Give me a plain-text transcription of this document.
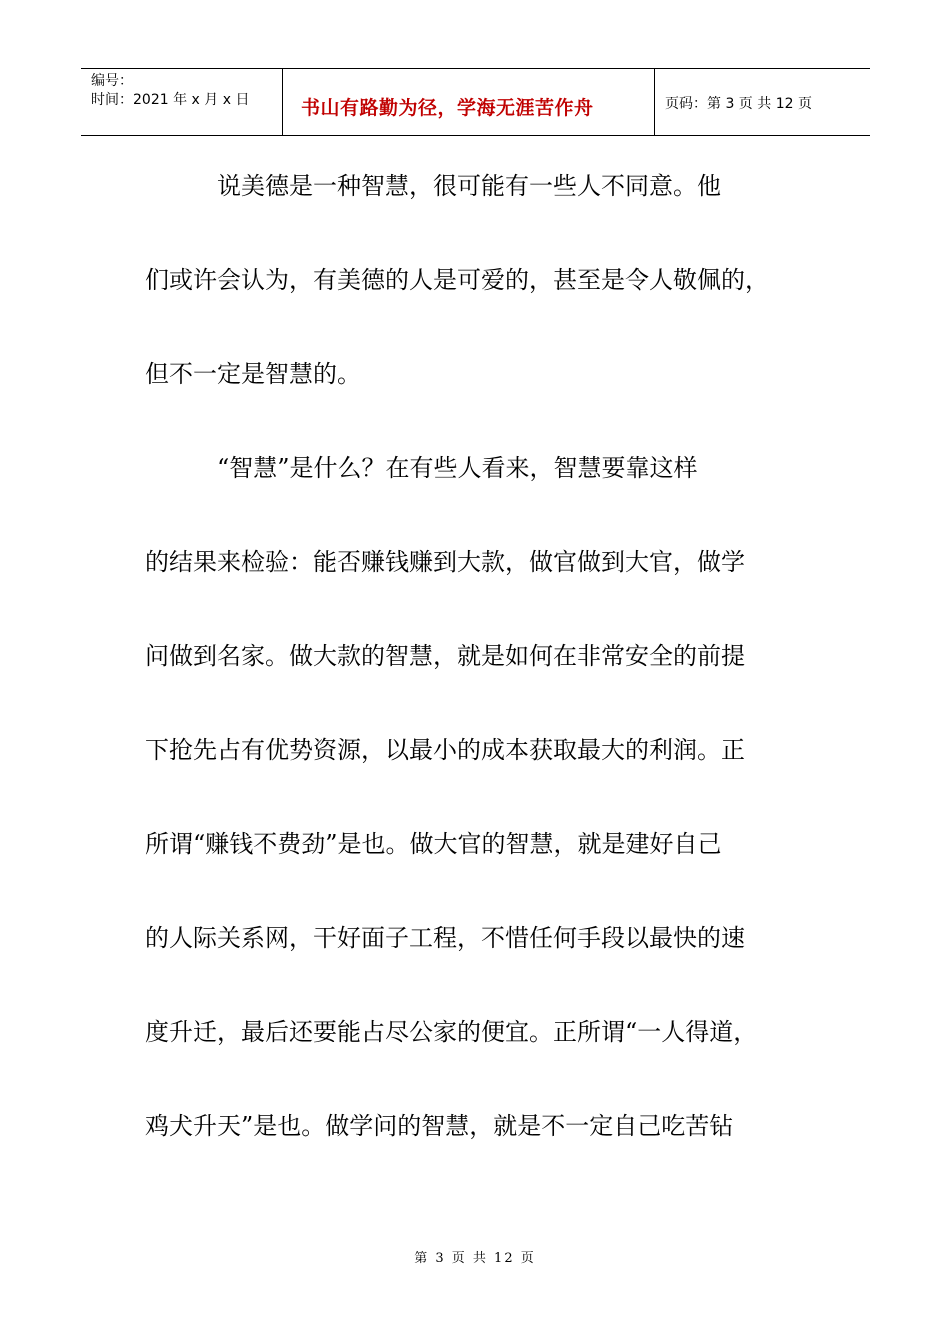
编号：
时间：2021 年 x 月 x 日	书山有路勤为径，学海无涯苦作舟	页码：第 3 页 共 12 页
　　　说美德是一种智慧，很可能有一些人不同意。他
们或许会认为，有美德的人是可爱的，甚至是令人敬佩的，
但不一定是智慧的。
　　　“智慧”是什么？在有些人看来，智慧要靠这样
的结果来检验：能否赚钱赚到大款，做官做到大官，做学
问做到名家。做大款的智慧，就是如何在非常安全的前提
下抢先占有优势资源，以最小的成本获取最大的利润。正
所谓“赚钱不费劲”是也。做大官的智慧，就是建好自己
的人际关系网，干好面子工程，不惜任何手段以最快的速
度升迁，最后还要能占尽公家的便宜。正所谓“一人得道，
鸡犬升天”是也。做学问的智慧，就是不一定自己吃苦钻
第 3 页 共 12 页
